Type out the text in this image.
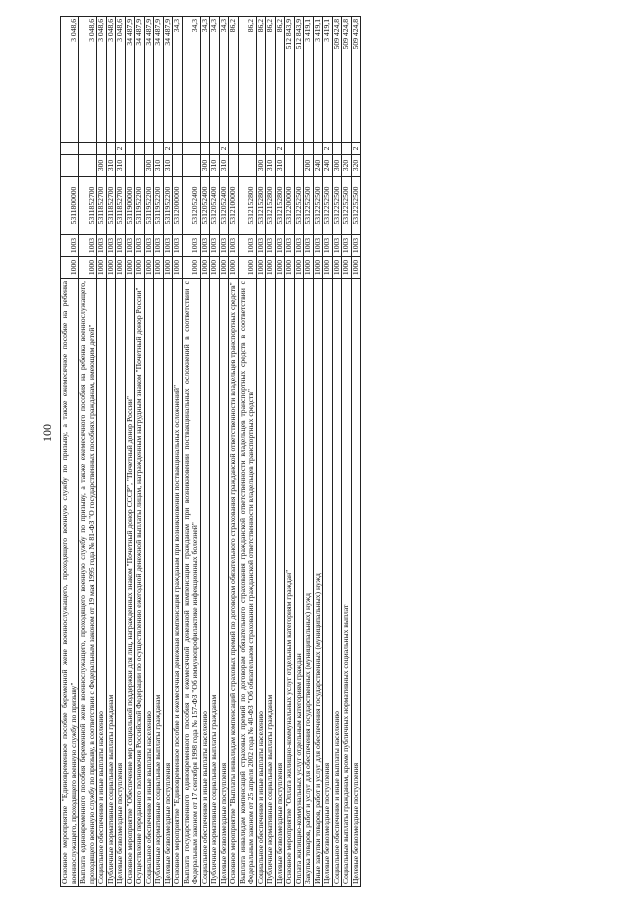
100 Основное мероприятие "Единовременное пособие беременной жене военнослужащего, проходящего военную службу по призыву, а также ежемесячное пособие на ребенка военнослужащего, проходящего военную службу по призыву"	1000	1003	5311800000			3 048,6
Выплата единовременного пособия беременной жене военнослужащего, проходящего военную службу по призыву, а также ежемесячного пособия на ребенка военнослужащего, проходящего военную службу по призыву, в соответствии с Федеральным законом от 19 мая 1995 года № 81-ФЗ "О государственных пособиях гражданам, имеющим детей"	1000	1003	5311852700			3 048,6
Социальное обеспечение и иные выплаты населению	1000	1003	5311852700	300		3 048,6
Публичные нормативные социальные выплаты гражданам	1000	1003	5311852700	310		3 048,6
Целевые безвозмездные поступления	1000	1003	5311852700	310	2	3 048,6
Основное мероприятие "Обеспечение мер социальной поддержки для лиц, награжденных знаком "Почетный донор СССР", "Почетный донор России"	1000	1003	5311900000			34 487,9
Осуществление переданного полномочия Российской Федерации по осуществлению ежегодной денежной выплаты лицам, награжденным нагрудным знаком "Почетный донор России"	1000	1003	5311952200			34 487,9
Социальное обеспечение и иные выплаты населению	1000	1003	5311952200	300		34 487,9
Публичные нормативные социальные выплаты гражданам	1000	1003	5311952200	310		34 487,9
Целевые безвозмездные поступления	1000	1003	5311952200	310	2	34 487,9
Основное мероприятие "Единовременное пособие и ежемесячная денежная компенсация гражданам при возникновении поствакцинальных осложнений"	1000	1003	5312000000			34,3
Выплата государственного единовременного пособия и ежемесячной денежной компенсации гражданам при возникновении поствакцинальных осложнений в соответствии с Федеральным законом от 17 сентября 1998 года № 157-ФЗ "Об иммунопрофилактике инфекционных болезней"	1000	1003	5312052400			34,3
Социальное обеспечение и иные выплаты населению	1000	1003	5312052400	300		34,3
Публичные нормативные социальные выплаты гражданам	1000	1003	5312052400	310		34,3
Целевые безвозмездные поступления	1000	1003	5312052400	310	2	34,3
Основное мероприятие "Выплаты инвалидам компенсаций страховых премий по договорам обязательного страхования гражданской ответственности владельцев транспортных средств"	1000	1003	5312100000			86,2
Выплата инвалидам компенсаций страховых премий по договорам обязательного страхования гражданской ответственности владельцев транспортных средств в соответствии с Федеральным законом от 25 апреля 2002 года № 40-ФЗ "Об обязательном страховании гражданской ответственности владельцев транспортных средств"	1000	1003	5312152800			86,2
Социальное обеспечение и иные выплаты населению	1000	1003	5312152800	300		86,2
Публичные нормативные социальные выплаты гражданам	1000	1003	5312152800	310		86,2
Целевые безвозмездные поступления	1000	1003	5312152800	310	2	86,2
Основное мероприятие "Оплата жилищно-коммунальных услуг отдельным категориям граждан"	1000	1003	5312200000			512 843,9
Оплата жилищно-коммунальных услуг отдельным категориям граждан	1000	1003	5312252500			512 843,9
Закупка товаров, работ и услуг для обеспечения государственных (муниципальных) нужд	1000	1003	5312252500	200		3 419,1
Иные закупки товаров, работ и услуг для обеспечения государственных (муниципальных) нужд	1000	1003	5312252500	240		3 419,1
Целевые безвозмездные поступления	1000	1003	5312252500	240	2	3 419,1
Социальное обеспечение и иные выплаты населению	1000	1003	5312252500	300		509 424,8
Социальные выплаты гражданам, кроме публичных нормативных социальных выплат	1000	1003	5312252500	320		509 424,8
Целевые безвозмездные поступления	1000	1003	5312252500	320	2	509 424,8
